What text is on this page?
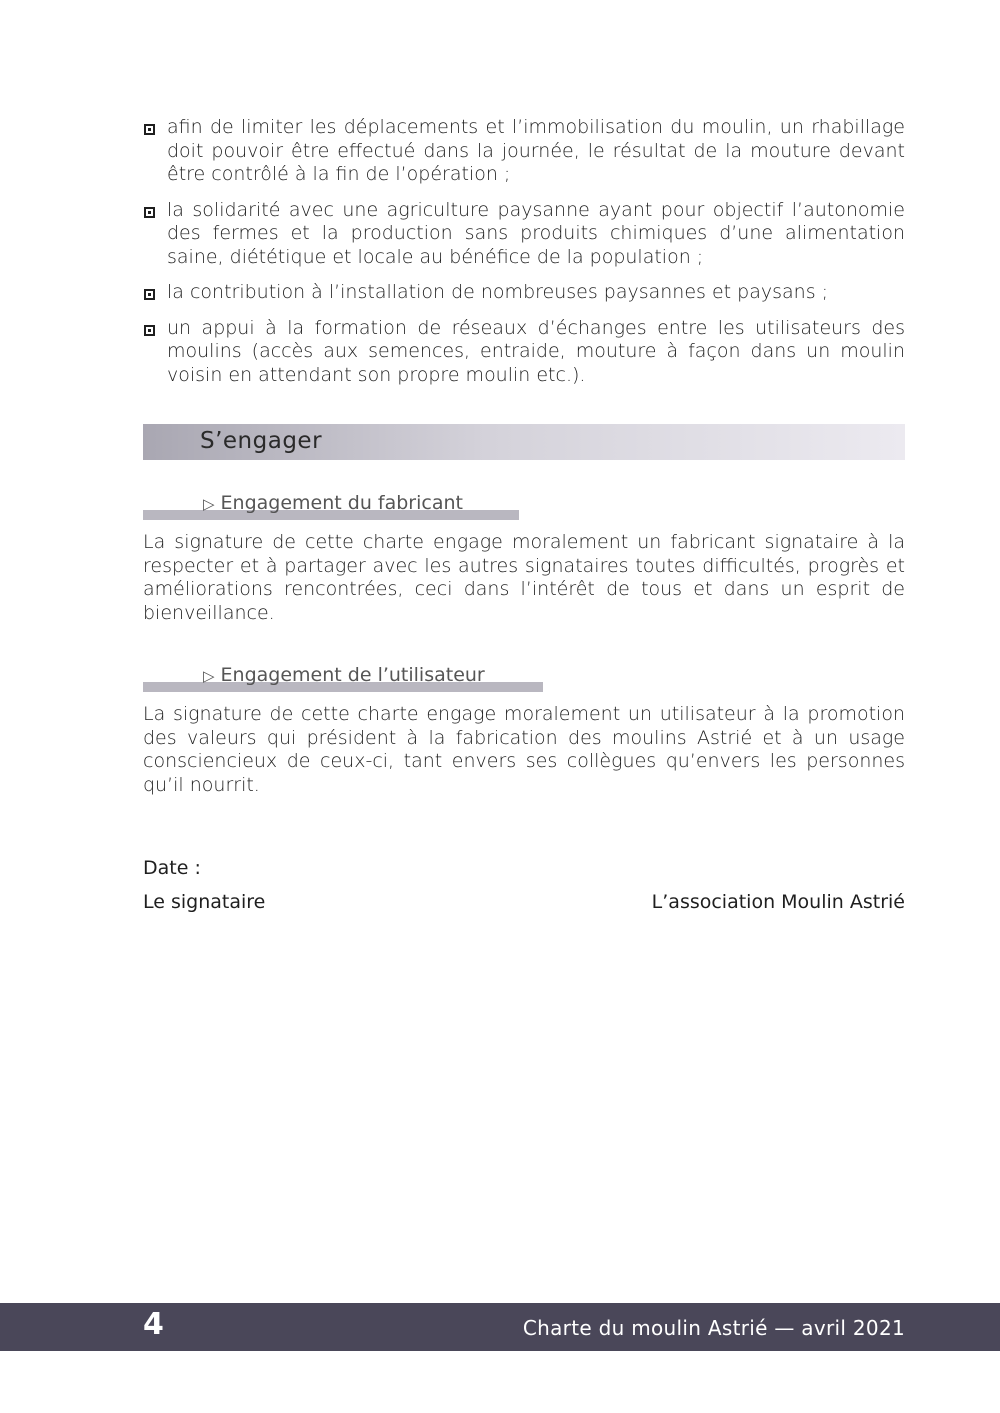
afin de limiter les déplacements et l’immobilisation du moulin, un rhabillage doit pouvoir être effectué dans la journée, le résultat de la mouture devant être contrôlé à la fin de l’opération ;
la solidarité avec une agriculture paysanne ayant pour objectif l’autonomie des fermes et la production sans produits chimiques d’une alimentation saine, diététique et locale au bénéfice de la population ;
la contribution à l’installation de nombreuses paysannes et paysans ;
un appui à la formation de réseaux d’échanges entre les utilisateurs des moulins (accès aux semences, entraide, mouture à façon dans un moulin voisin en attendant son propre moulin etc.).
S’engager
▷ Engagement du fabricant
La signature de cette charte engage moralement un fabricant signataire à la respecter et à partager avec les autres signataires toutes difficultés, progrès et améliorations rencontrées, ceci dans l’intérêt de tous et dans un esprit de bienveillance.
▷ Engagement de l’utilisateur
La signature de cette charte engage moralement un utilisateur à la promotion des valeurs qui président à la fabrication des moulins Astrié et à un usage consciencieux de ceux-ci, tant envers ses collègues qu’envers les personnes qu’il nourrit.
Date :
Le signataire	L’association Moulin Astrié
4	Charte du moulin Astrié — avril 2021
